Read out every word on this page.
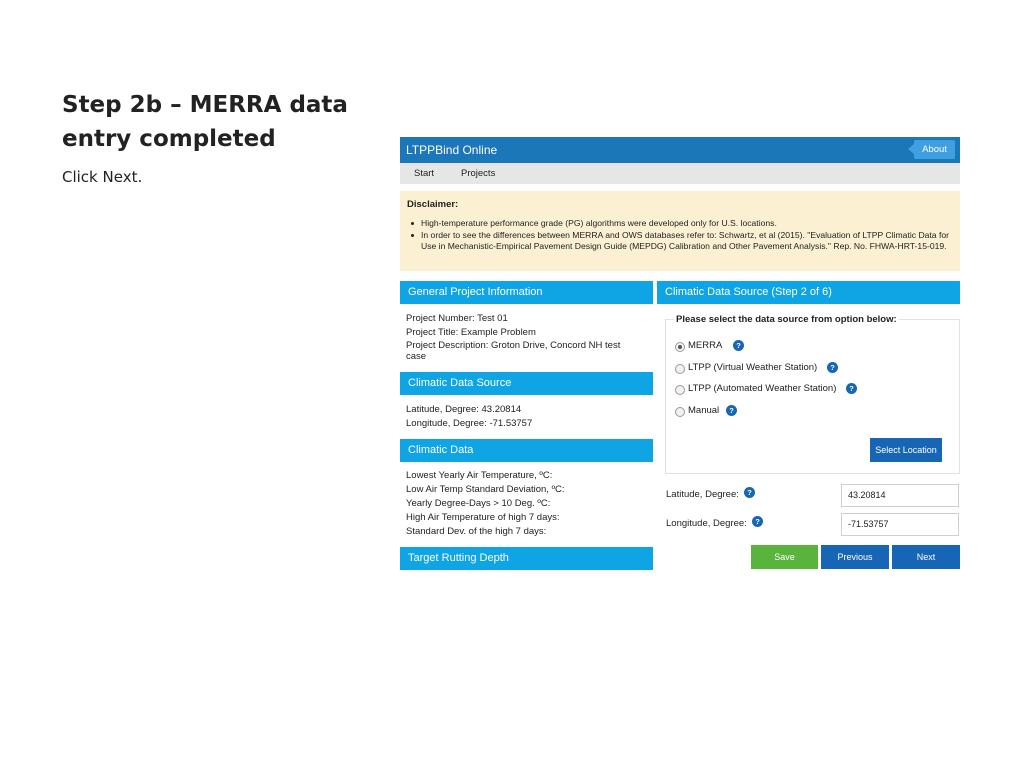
Step 2b – MERRA data entry completed
Click Next.
LTPPBind Online	About
Start	Projects
Disclaimer:
High-temperature performance grade (PG) algorithms were developed only for U.S. locations.
In order to see the differences between MERRA and OWS databases refer to: Schwartz, et al (2015). "Evaluation of LTPP Climatic Data for Use in Mechanistic-Empirical Pavement Design Guide (MEPDG) Calibration and Other Pavement Analysis." Rep. No. FHWA-HRT-15-019.
General Project Information
Project Number: Test 01
Project Title: Example Problem
Project Description: Groton Drive, Concord NH test case
Climatic Data Source
Latitude, Degree: 43.20814
Longitude, Degree: -71.53757
Climatic Data
Lowest Yearly Air Temperature, ºC:
Low Air Temp Standard Deviation, ºC:
Yearly Degree-Days > 10 Deg. ºC:
High Air Temperature of high 7 days:
Standard Dev. of the high 7 days:
Target Rutting Depth
Climatic Data Source (Step 2 of 6)
Please select the data source from option below:
MERRA	?
LTPP (Virtual Weather Station)	?
LTPP (Automated Weather Station)	?
Manual	?
Select Location
Latitude, Degree:	?	43.20814
Longitude, Degree:	?	-71.53757
Save	Previous	Next
